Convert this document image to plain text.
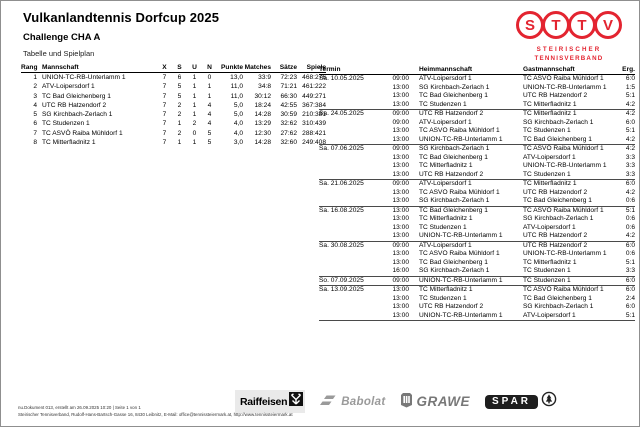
Vulkanlandtennis Dorfcup 2025
Challenge CHA A
Tabelle und Spielplan
S	T	T	V
STEIRISCHER
TENNISVERBAND
Rang Mannschaft	X	S	U	N	Punkte Matches	Sätze	Spiele
1 UNION-TC-RB-Unterlamm 1	7	6	1	0	13,0	33:9	72:23 468:276
2 ATV-Loipersdorf 1	7	5	1	1	11,0	34:8	71:21 461:222
3 TC Bad Gleichenberg 1	7	5	1	1	11,0	30:12	66:30 449:271
4 UTC RB Hatzendorf 2	7	2	1	4	5,0	18:24	42:55 367:384
5 SG Kirchbach-Zerlach 1	7	2	1	4	5,0	14:28	30:59 210:381
6 TC Studenzen 1	7	1	2	4	4,0	13:29	32:62 310:439
7 TC ASVÖ Raiba Mühldorf 1	7	2	0	5	4,0	12:30	27:62 288:421
8 TC Mitterfladnitz 1	7	1	1	5	3,0	14:28	32:60 249:408
Termin	Heimmannschaft	Gastmannschaft	Erg.
Sa. 10.05.2025	09:00 ATV-Loipersdorf 1	TC ASVÖ Raiba Mühldorf 1	6:0
13:00 SG Kirchbach-Zerlach 1	UNION-TC-RB-Unterlamm 1	1:5
13:00 TC Bad Gleichenberg 1	UTC RB Hatzendorf 2	5:1
13:00 TC Studenzen 1	TC Mitterfladnitz 1	4:2
Sa. 24.05.2025	09:00 UTC RB Hatzendorf 2	TC Mitterfladnitz 1	4:2
09:00 ATV-Loipersdorf 1	SG Kirchbach-Zerlach 1	6:0
13:00 TC ASVÖ Raiba Mühldorf 1	TC Studenzen 1	5:1
13:00 UNION-TC-RB-Unterlamm 1	TC Bad Gleichenberg 1	4:2
Sa. 07.06.2025	09:00 SG Kirchbach-Zerlach 1	TC ASVÖ Raiba Mühldorf 1	4:2
13:00 TC Bad Gleichenberg 1	ATV-Loipersdorf 1	3:3
13:00 TC Mitterfladnitz 1	UNION-TC-RB-Unterlamm 1	3:3
13:00 UTC RB Hatzendorf 2	TC Studenzen 1	3:3
Sa. 21.06.2025	09:00 ATV-Loipersdorf 1	TC Mitterfladnitz 1	6:0
13:00 TC ASVÖ Raiba Mühldorf 1	UTC RB Hatzendorf 2	4:2
13:00 SG Kirchbach-Zerlach 1	TC Bad Gleichenberg 1	0:6
Sa. 16.08.2025	13:00 TC Bad Gleichenberg 1	TC ASVÖ Raiba Mühldorf 1	5:1
13:00 TC Mitterfladnitz 1	SG Kirchbach-Zerlach 1	0:6
13:00 TC Studenzen 1	ATV-Loipersdorf 1	0:6
13:00 UNION-TC-RB-Unterlamm 1	UTC RB Hatzendorf 2	4:2
Sa. 30.08.2025	09:00 ATV-Loipersdorf 1	UTC RB Hatzendorf 2	6:0
13:00 TC ASVÖ Raiba Mühldorf 1	UNION-TC-RB-Unterlamm 1	0:6
13:00 TC Bad Gleichenberg 1	TC Mitterfladnitz 1	5:1
16:00 SG Kirchbach-Zerlach 1	TC Studenzen 1	3:3
So. 07.09.2025	09:00 UNION-TC-RB-Unterlamm 1	TC Studenzen 1	6:0
Sa. 13.09.2025	13:00 TC Mitterfladnitz 1	TC ASVÖ Raiba Mühldorf 1	6:0
13:00 TC Studenzen 1	TC Bad Gleichenberg 1	2:4
13:00 UTC RB Hatzendorf 2	SG Kirchbach-Zerlach 1	6:0
13:00 UNION-TC-RB-Unterlamm 1	ATV-Loipersdorf 1	5:1
Raiffeisen	Babolat GRAWE	SPAR
nu.Dokument 013, erstellt am 26.09.2025 10:20 | Seite 1 von 1
Steirischer Tennisverband, Rudolf-Hans-Bartsch-Gasse 16, 8430 Leibnitz, E-Mail: office@tennissteiermark.at, http://www.tennissteiermark.at
